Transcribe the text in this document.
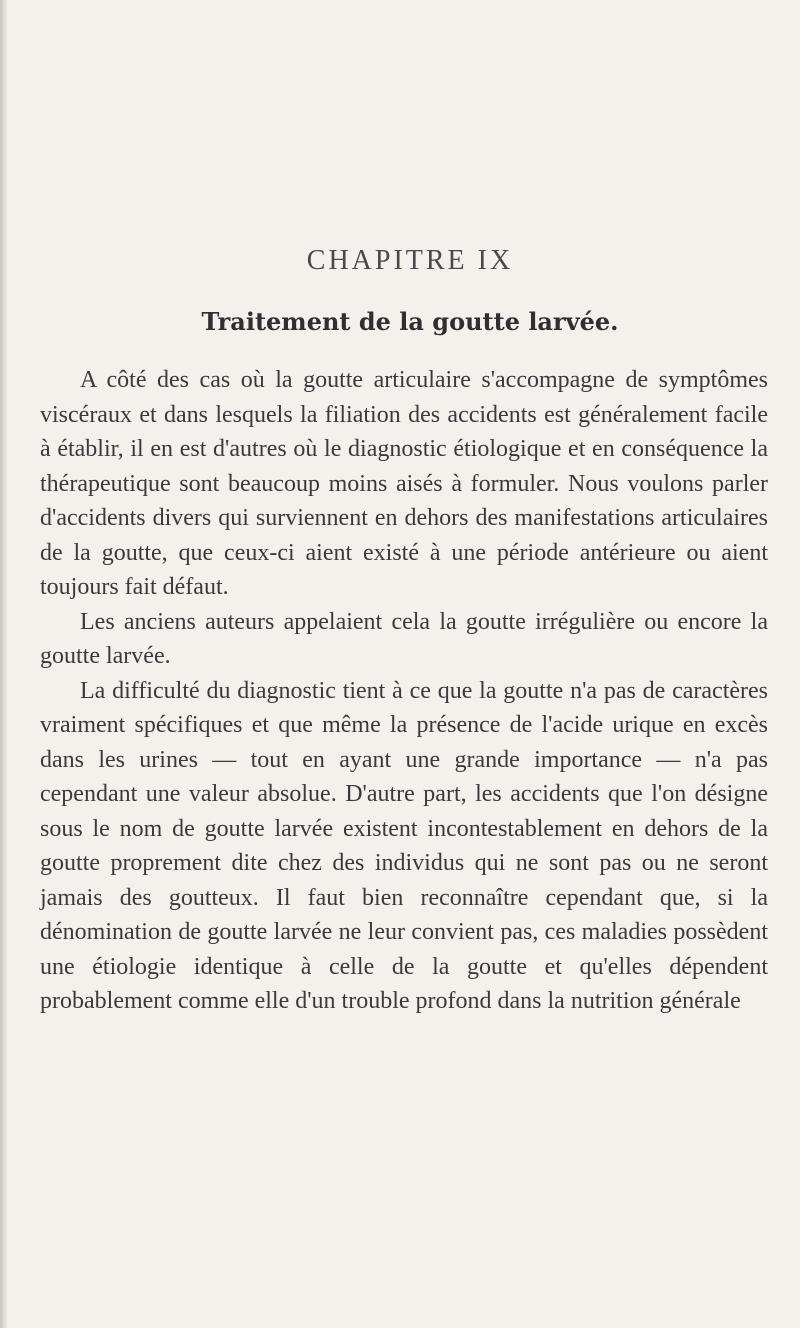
CHAPITRE IX
Traitement de la goutte larvée.

A côté des cas où la goutte articulaire s'accompagne de symptômes viscéraux et dans lesquels la filiation des accidents est généralement facile à établir, il en est d'autres où le diagnostic étiologique et en conséquence la thérapeutique sont beaucoup moins aisés à formuler. Nous voulons parler d'accidents divers qui surviennent en dehors des manifestations articulaires de la goutte, que ceux-ci aient existé à une période antérieure ou aient toujours fait défaut.

Les anciens auteurs appelaient cela la goutte irrégulière ou encore la goutte larvée.

La difficulté du diagnostic tient à ce que la goutte n'a pas de caractères vraiment spécifiques et que même la présence de l'acide urique en excès dans les urines — tout en ayant une grande importance — n'a pas cependant une valeur absolue. D'autre part, les accidents que l'on désigne sous le nom de goutte larvée existent incontestablement en dehors de la goutte proprement dite chez des individus qui ne sont pas ou ne seront jamais des goutteux. Il faut bien reconnaître cependant que, si la dénomination de goutte larvée ne leur convient pas, ces maladies possèdent une étiologie identique à celle de la goutte et qu'elles dépendent probablement comme elle d'un trouble profond dans la nutrition générale
